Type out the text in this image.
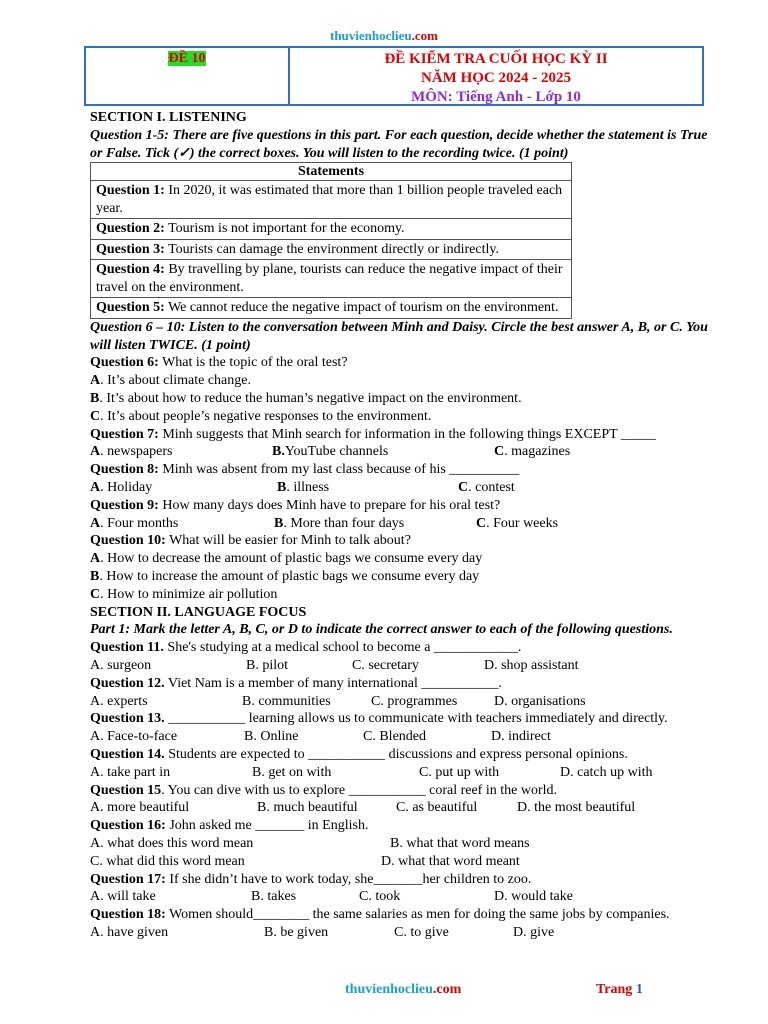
thuvienhoclieu.com
ĐỀ 10	ĐỀ KIỂM TRA CUỐI HỌC KỲ II
NĂM HỌC 2024 - 2025
MÔN: Tiếng Anh - Lớp 10
SECTION I. LISTENING
Question 1-5: There are five questions in this part. For each question, decide whether the statement is True or False. Tick (✓) the correct boxes. You will listen to the recording twice. (1 point)
Statements
Question 1: In 2020, it was estimated that more than 1 billion people traveled each year.
Question 2: Tourism is not important for the economy.
Question 3: Tourists can damage the environment directly or indirectly.
Question 4: By travelling by plane, tourists can reduce the negative impact of their travel on the environment.
Question 5: We cannot reduce the negative impact of tourism on the environment.
Question 6 – 10: Listen to the conversation between Minh and Daisy. Circle the best answer A, B, or C. You will listen TWICE. (1 point)
Question 6: What is the topic of the oral test?
A. It’s about climate change.
B. It’s about how to reduce the human’s negative impact on the environment.
C. It’s about people’s negative responses to the environment.
Question 7: Minh suggests that Minh search for information in the following things EXCEPT _____
A. newspapers	B.YouTube channels	C. magazines
Question 8: Minh was absent from my last class because of his __________
A. Holiday	B. illness	C. contest
Question 9: How many days does Minh have to prepare for his oral test?
A. Four months	B. More than four days	C. Four weeks
Question 10: What will be easier for Minh to talk about?
A. How to decrease the amount of plastic bags we consume every day
B. How to increase the amount of plastic bags we consume every day
C. How to minimize air pollution
SECTION II. LANGUAGE FOCUS
Part 1: Mark the letter A, B, C, or D to indicate the correct answer to each of the following questions.
Question 11. She's studying at a medical school to become a ____________.
A. surgeon	B. pilot	C. secretary	D. shop assistant
Question 12. Viet Nam is a member of many international ___________.
A. experts	B. communities	C. programmes	D. organisations
Question 13. ___________ learning allows us to communicate with teachers immediately and directly.
A. Face-to-face	B. Online	C. Blended	D. indirect
Question 14. Students are expected to ___________ discussions and express personal opinions.
A. take part in	B. get on with	C. put up with	D. catch up with
Question 15. You can dive with us to explore ___________ coral reef in the world.
A. more beautiful	B. much beautiful	C. as beautiful	D. the most beautiful
Question 16: John asked me _______ in English.
A. what does this word mean	B. what that word means
C. what did this word mean	D. what that word meant
Question 17: If she didn’t have to work today, she_______her children to zoo.
A. will take	B. takes	C. took	D. would take
Question 18: Women should________ the same salaries as men for doing the same jobs by companies.
A. have given	B. be given	C. to give	D. give
thuvienhoclieu.com	Trang 1
